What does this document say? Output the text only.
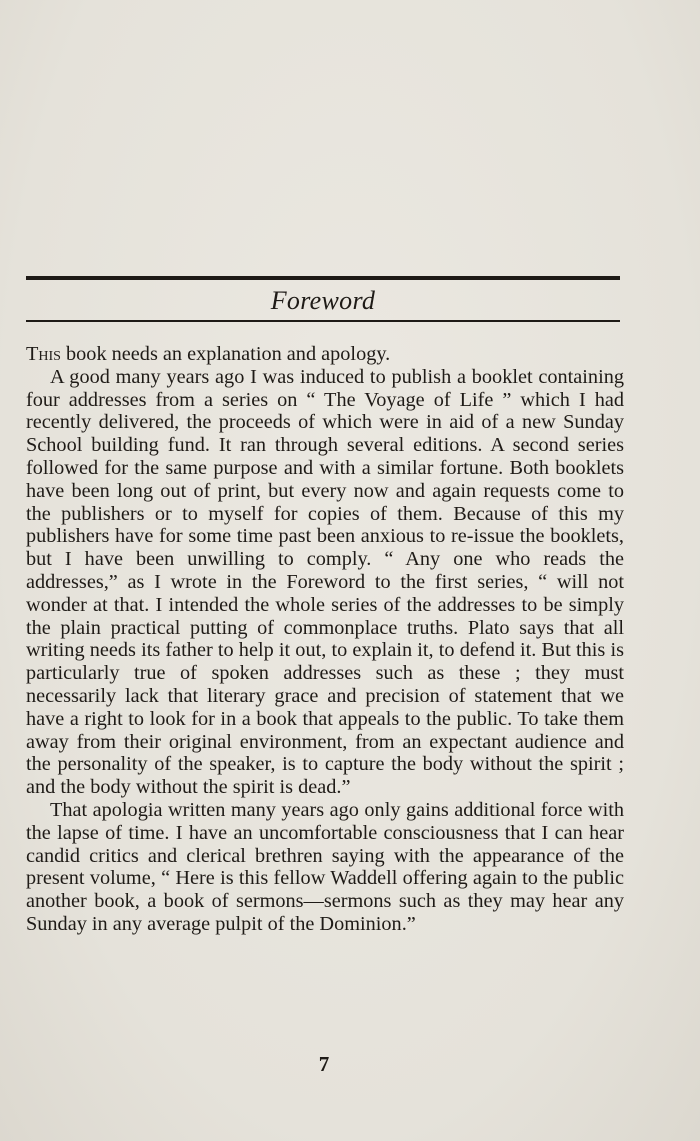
Foreword

This book needs an explanation and apology.

A good many years ago I was induced to publish a booklet containing four addresses from a series on “ The Voyage of Life ” which I had recently delivered, the proceeds of which were in aid of a new Sunday School building fund. It ran through several editions. A second series followed for the same purpose and with a similar fortune. Both booklets have been long out of print, but every now and again requests come to the publishers or to myself for copies of them. Because of this my publishers have for some time past been anxious to re-issue the booklets, but I have been unwilling to comply. “ Any one who reads the addresses,” as I wrote in the Foreword to the first series, “ will not wonder at that. I intended the whole series of the addresses to be simply the plain practical putting of commonplace truths. Plato says that all writing needs its father to help it out, to explain it, to defend it. But this is particularly true of spoken addresses such as these ; they must necessarily lack that literary grace and precision of statement that we have a right to look for in a book that appeals to the public. To take them away from their original environment, from an expectant audience and the personality of the speaker, is to capture the body without the spirit ; and the body without the spirit is dead.”

That apologia written many years ago only gains additional force with the lapse of time. I have an uncomfortable consciousness that I can hear candid critics and clerical brethren saying with the appearance of the present volume, “ Here is this fellow Waddell offering again to the public another book, a book of sermons—sermons such as they may hear any Sunday in any average pulpit of the Dominion.”

7
